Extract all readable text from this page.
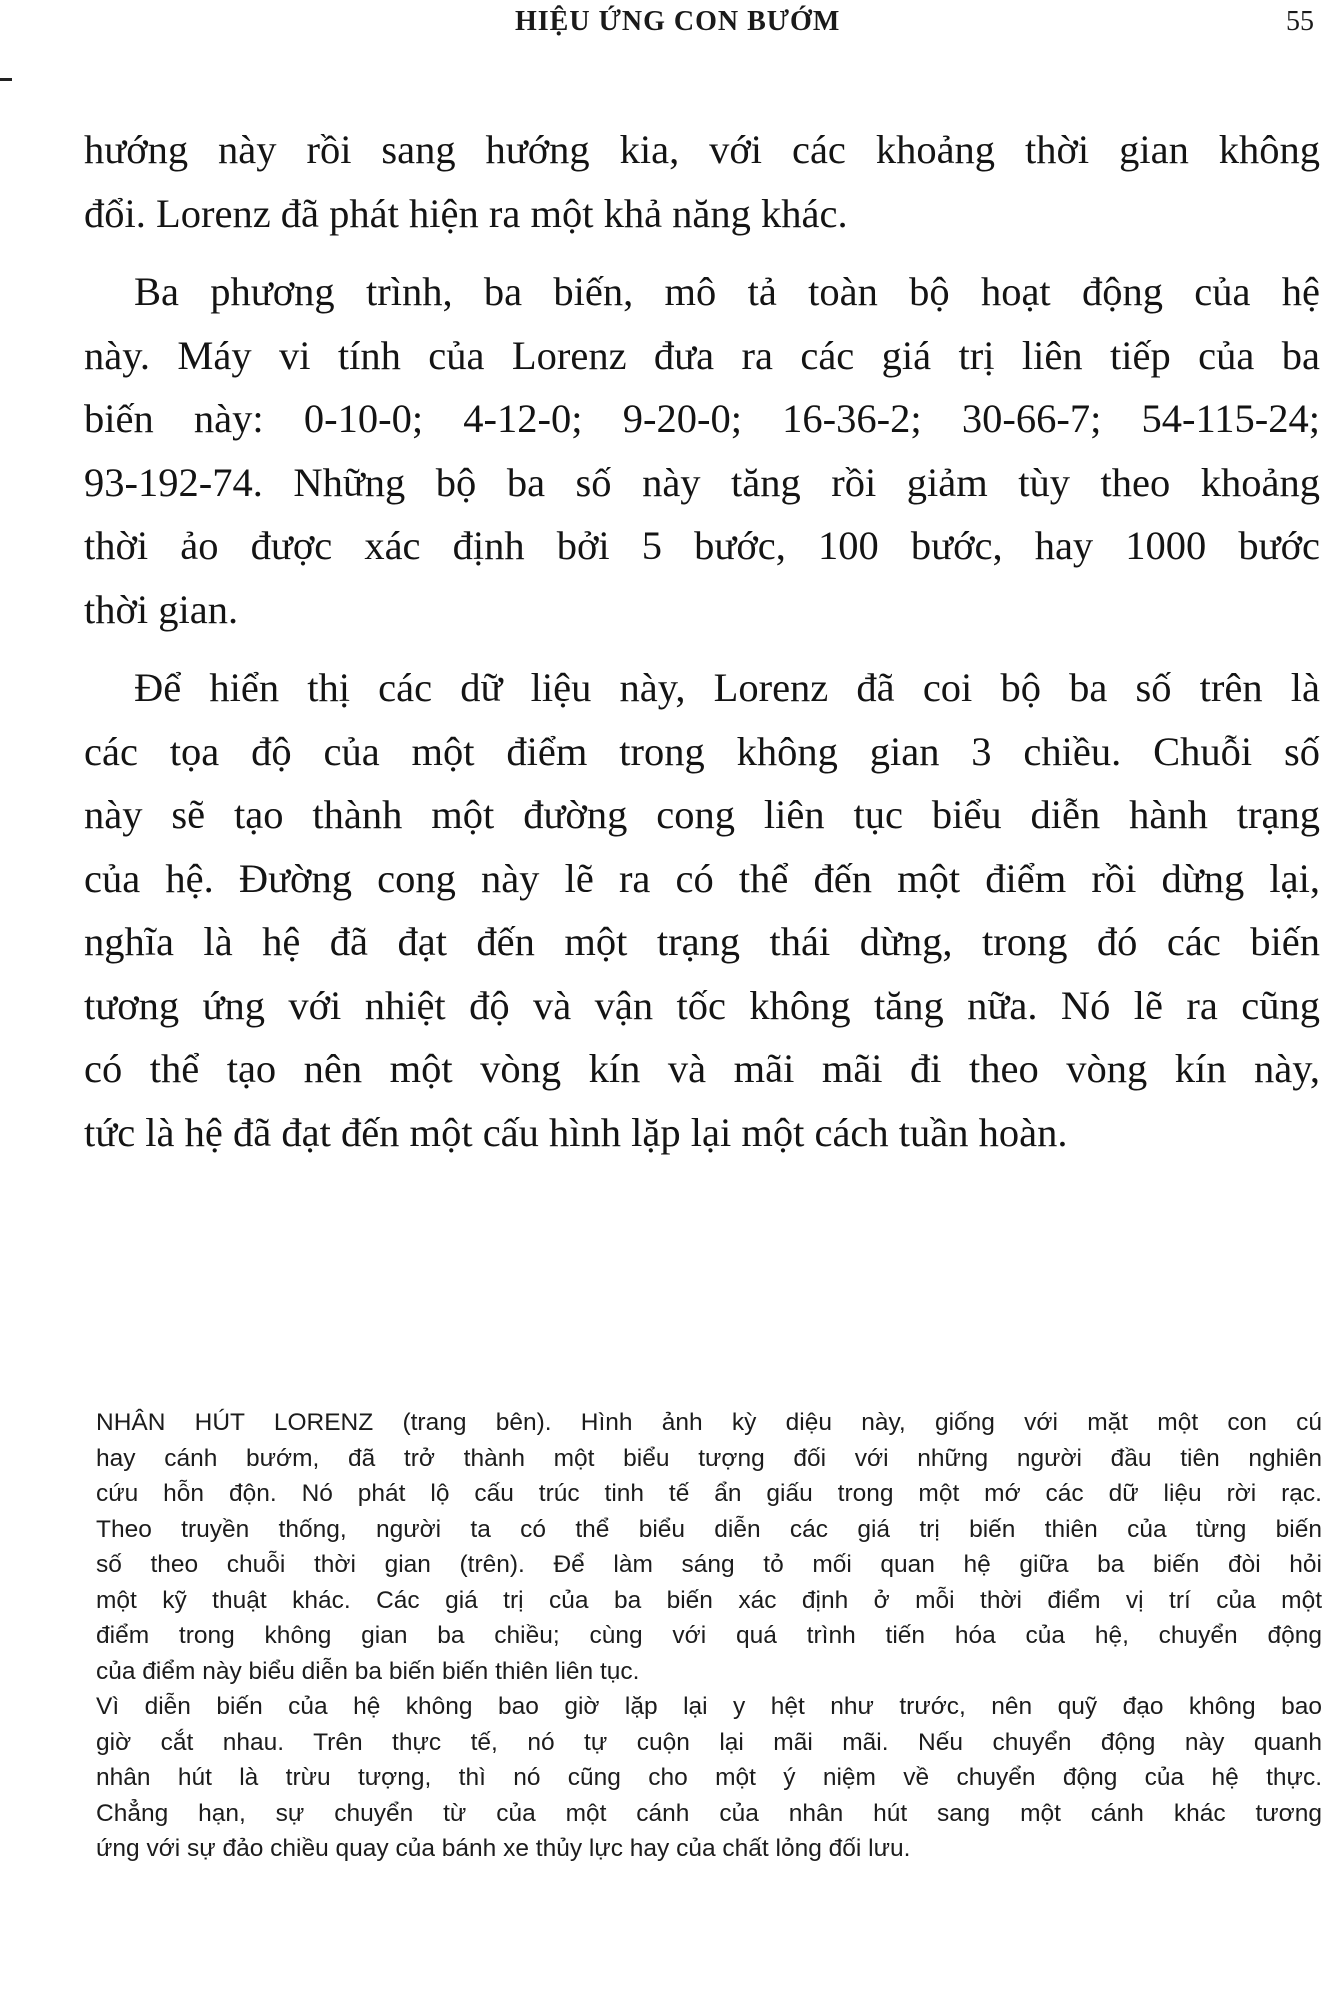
HIỆU ỨNG CON BƯỚM	55
hướng này rồi sang hướng kia, với các khoảng thời gian không
đổi. Lorenz đã phát hiện ra một khả năng khác.
Ba phương trình, ba biến, mô tả toàn bộ hoạt động của hệ
này. Máy vi tính của Lorenz đưa ra các giá trị liên tiếp của ba
biến này: 0-10-0; 4-12-0; 9-20-0; 16-36-2; 30-66-7; 54-115-24;
93-192-74. Những bộ ba số này tăng rồi giảm tùy theo khoảng
thời ảo được xác định bởi 5 bước, 100 bước, hay 1000 bước
thời gian.
Để hiển thị các dữ liệu này, Lorenz đã coi bộ ba số trên là
các tọa độ của một điểm trong không gian 3 chiều. Chuỗi số
này sẽ tạo thành một đường cong liên tục biểu diễn hành trạng
của hệ. Đường cong này lẽ ra có thể đến một điểm rồi dừng lại,
nghĩa là hệ đã đạt đến một trạng thái dừng, trong đó các biến
tương ứng với nhiệt độ và vận tốc không tăng nữa. Nó lẽ ra cũng
có thể tạo nên một vòng kín và mãi mãi đi theo vòng kín này,
tức là hệ đã đạt đến một cấu hình lặp lại một cách tuần hoàn.
NHÂN HÚT LORENZ (trang bên). Hình ảnh kỳ diệu này, giống với mặt một con cú
hay cánh bướm, đã trở thành một biểu tượng đối với những người đầu tiên nghiên
cứu hỗn độn. Nó phát lộ cấu trúc tinh tế ẩn giấu trong một mớ các dữ liệu rời rạc.
Theo truyền thống, người ta có thể biểu diễn các giá trị biến thiên của từng biến
số theo chuỗi thời gian (trên). Để làm sáng tỏ mối quan hệ giữa ba biến đòi hỏi
một kỹ thuật khác. Các giá trị của ba biến xác định ở mỗi thời điểm vị trí của một
điểm trong không gian ba chiều; cùng với quá trình tiến hóa của hệ, chuyển động
của điểm này biểu diễn ba biến biến thiên liên tục.
Vì diễn biến của hệ không bao giờ lặp lại y hệt như trước, nên quỹ đạo không bao
giờ cắt nhau. Trên thực tế, nó tự cuộn lại mãi mãi. Nếu chuyển động này quanh
nhân hút là trừu tượng, thì nó cũng cho một ý niệm về chuyển động của hệ thực.
Chẳng hạn, sự chuyển từ của một cánh của nhân hút sang một cánh khác tương
ứng với sự đảo chiều quay của bánh xe thủy lực hay của chất lỏng đối lưu.
